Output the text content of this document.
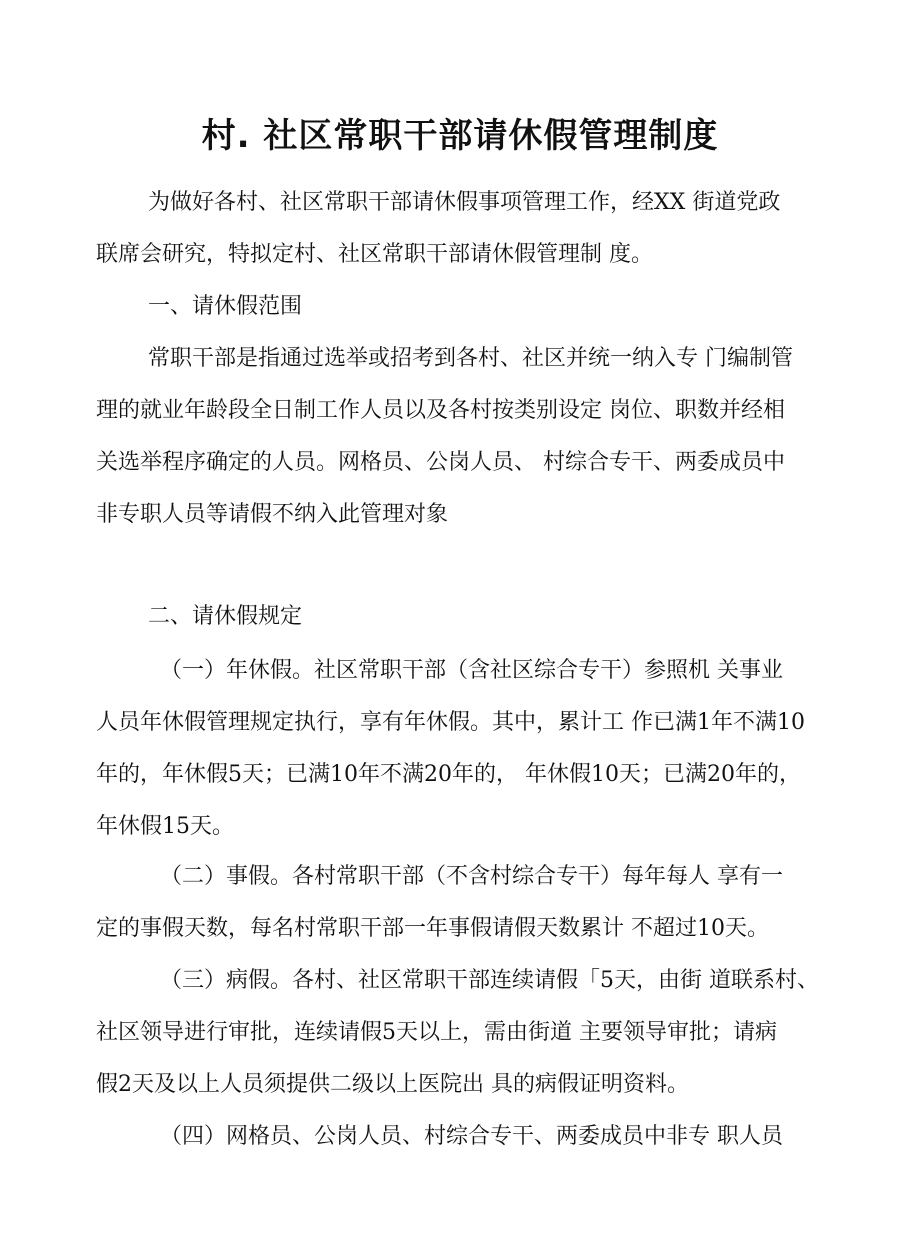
村. 社区常职干部请休假管理制度

为做好各村、社区常职干部请休假事项管理工作，经XX 街道党政

联席会研究，特拟定村、社区常职干部请休假管理制 度。

一、请休假范围

常职干部是指通过选举或招考到各村、社区并统一纳入专 门编制管

理的就业年龄段全日制工作人员以及各村按类别设定 岗位、职数并经相

关选举程序确定的人员。网格员、公岗人员、 村综合专干、两委成员中

非专职人员等请假不纳入此管理对象

二、请休假规定

（一）年休假。社区常职干部（含社区综合专干）参照机 关事业

人员年休假管理规定执行，享有年休假。其中，累计工 作已满1年不满10

年的，年休假5天；已满10年不满20年的， 年休假10天；已满20年的，

年休假15天。

（二）事假。各村常职干部（不含村综合专干）每年每人 享有一

定的事假天数，每名村常职干部一年事假请假天数累计 不超过10天。

（三）病假。各村、社区常职干部连续请假「5天，由街 道联系村、

社区领导进行审批，连续请假5天以上，需由街道 主要领导审批；请病

假2天及以上人员须提供二级以上医院出 具的病假证明资料。

（四）网格员、公岗人员、村综合专干、两委成员中非专 职人员
